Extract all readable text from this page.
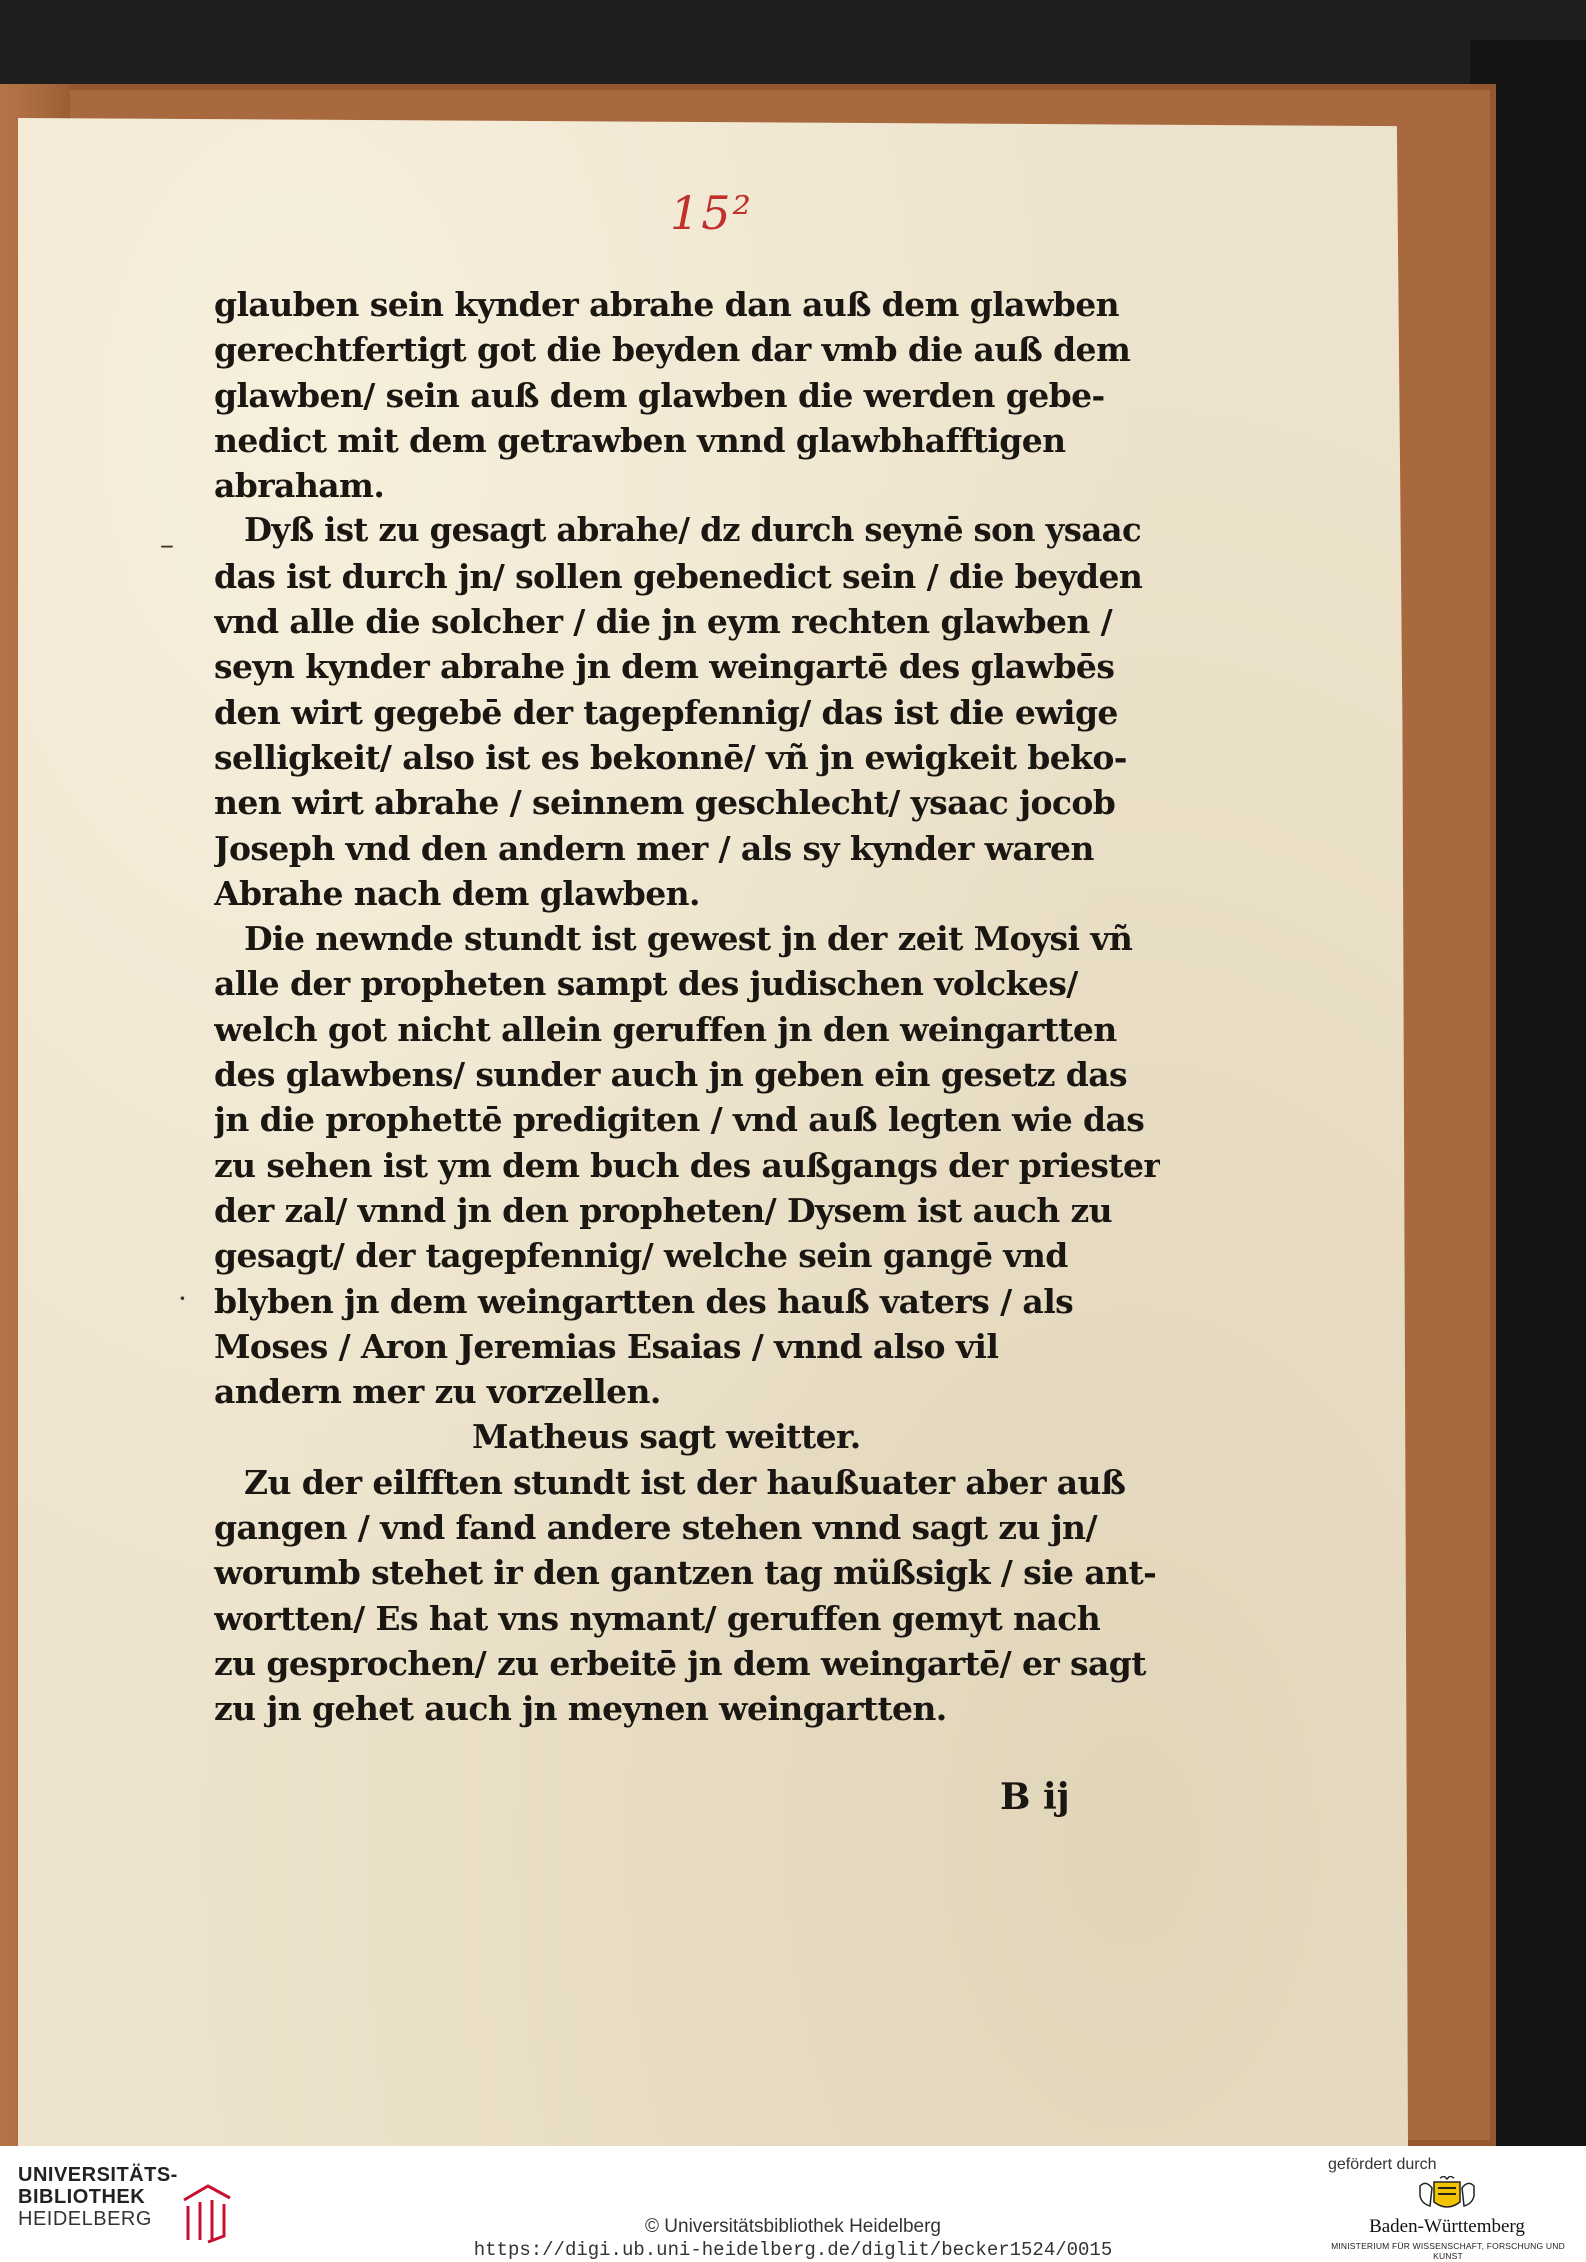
15²
glauben sein kynder abrahe dan auß dem glawben
gerechtfertigt got die beyden dar vmb die auß dem
glawben/ sein auß dem glawben die werden gebe-
nedict mit dem getrawben vnnd glawbhafftigen
abraham.
Dyß ist zu gesagt abrahe/ dz durch seynē son ysaac
das ist durch jn/ sollen gebenedict sein / die beyden
vnd alle die solcher / die jn eym rechten glawben /
seyn kynder abrahe jn dem weingartē des glawbēs
den wirt gegebē der tagepfennig/ das ist die ewige
selligkeit/ also ist es bekonnē/ vñ jn ewigkeit beko-
nen wirt abrahe / seinnem geschlecht/ ysaac jocob
Joseph vnd den andern mer / als sy kynder waren
Abrahe nach dem glawben.
Die newnde stundt ist gewest jn der zeit Moysi vñ
alle der propheten sampt des judischen volckes/
welch got nicht allein geruffen jn den weingartten
des glawbens/ sunder auch jn geben ein gesetz das
jn die prophettē predigiten / vnd auß legten wie das
zu sehen ist ym dem buch des außgangs der priester
der zal/ vnnd jn den propheten/ Dysem ist auch zu
gesagt/ der tagepfennig/ welche sein gangē vnd
blyben jn dem weingartten des hauß vaters / als
Moses / Aron Jeremias Esaias / vnnd also vil
andern mer zu vorzellen.
Matheus sagt weitter.
Zu der eilfften stundt ist der haußuater aber auß
gangen / vnd fand andere stehen vnnd sagt zu jn/
worumb stehet ir den gantzen tag müßsigk / sie ant-
wortten/ Es hat vns nymant/ geruffen gemyt nach
zu gesprochen/ zu erbeitē jn dem weingartē/ er sagt
zu jn gehet auch jn meynen weingartten.
–
·
B ij
UNIVERSITÄTS-
BIBLIOTHEK
HEIDELBERG
gefördert durch
Baden-Württemberg
MINISTERIUM FÜR WISSENSCHAFT, FORSCHUNG UND KUNST
© Universitätsbibliothek Heidelberg
https://digi.ub.uni-heidelberg.de/diglit/becker1524/0015
